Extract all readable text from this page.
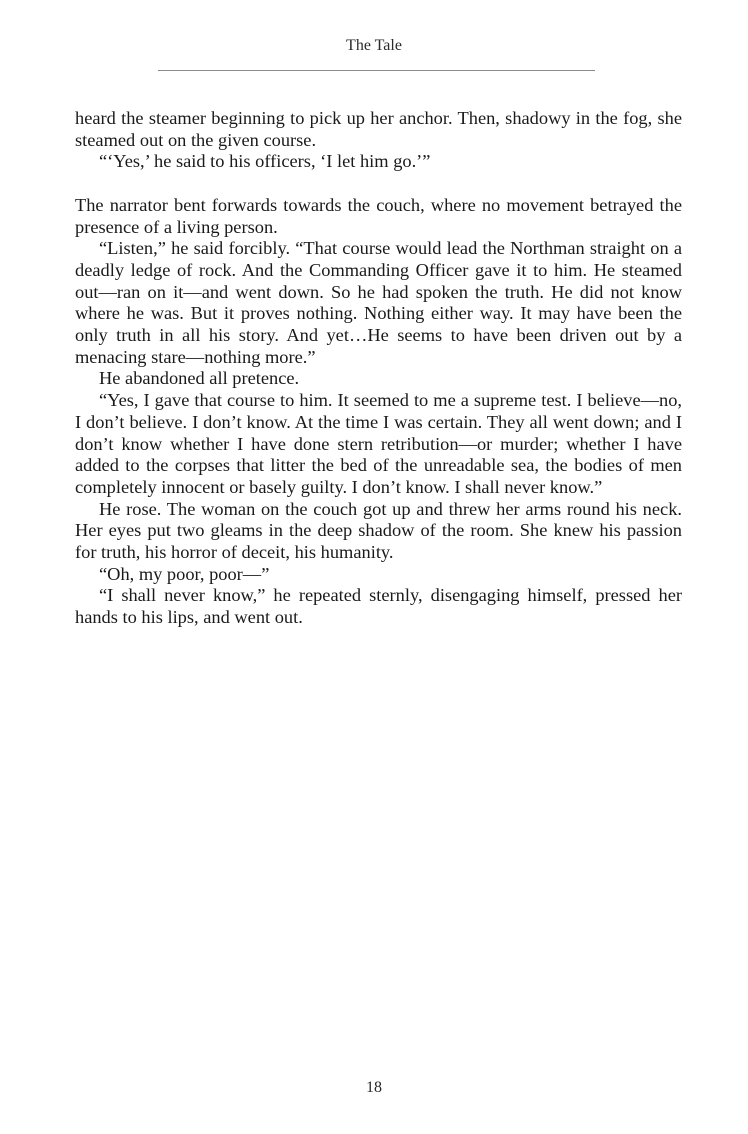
The Tale

heard the steamer beginning to pick up her anchor. Then, shadowy in the fog, she steamed out on the given course.

“‘Yes,’ he said to his officers, ‘I let him go.’”

The narrator bent forwards towards the couch, where no movement betrayed the presence of a living person.

“Listen,” he said forcibly. “That course would lead the Northman straight on a deadly ledge of rock. And the Commanding Officer gave it to him. He steamed out—ran on it—and went down. So he had spoken the truth. He did not know where he was. But it proves nothing. Nothing either way. It may have been the only truth in all his story. And yet…He seems to have been driven out by a menacing stare—nothing more.”

He abandoned all pretence.

“Yes, I gave that course to him. It seemed to me a supreme test. I believe—no, I don’t believe. I don’t know. At the time I was certain. They all went down; and I don’t know whether I have done stern retribution—or murder; whether I have added to the corpses that litter the bed of the unreadable sea, the bodies of men completely innocent or basely guilty. I don’t know. I shall never know.”

He rose. The woman on the couch got up and threw her arms round his neck. Her eyes put two gleams in the deep shadow of the room. She knew his passion for truth, his horror of deceit, his humanity.

“Oh, my poor, poor—”

“I shall never know,” he repeated sternly, disengaging himself, pressed her hands to his lips, and went out.

18
